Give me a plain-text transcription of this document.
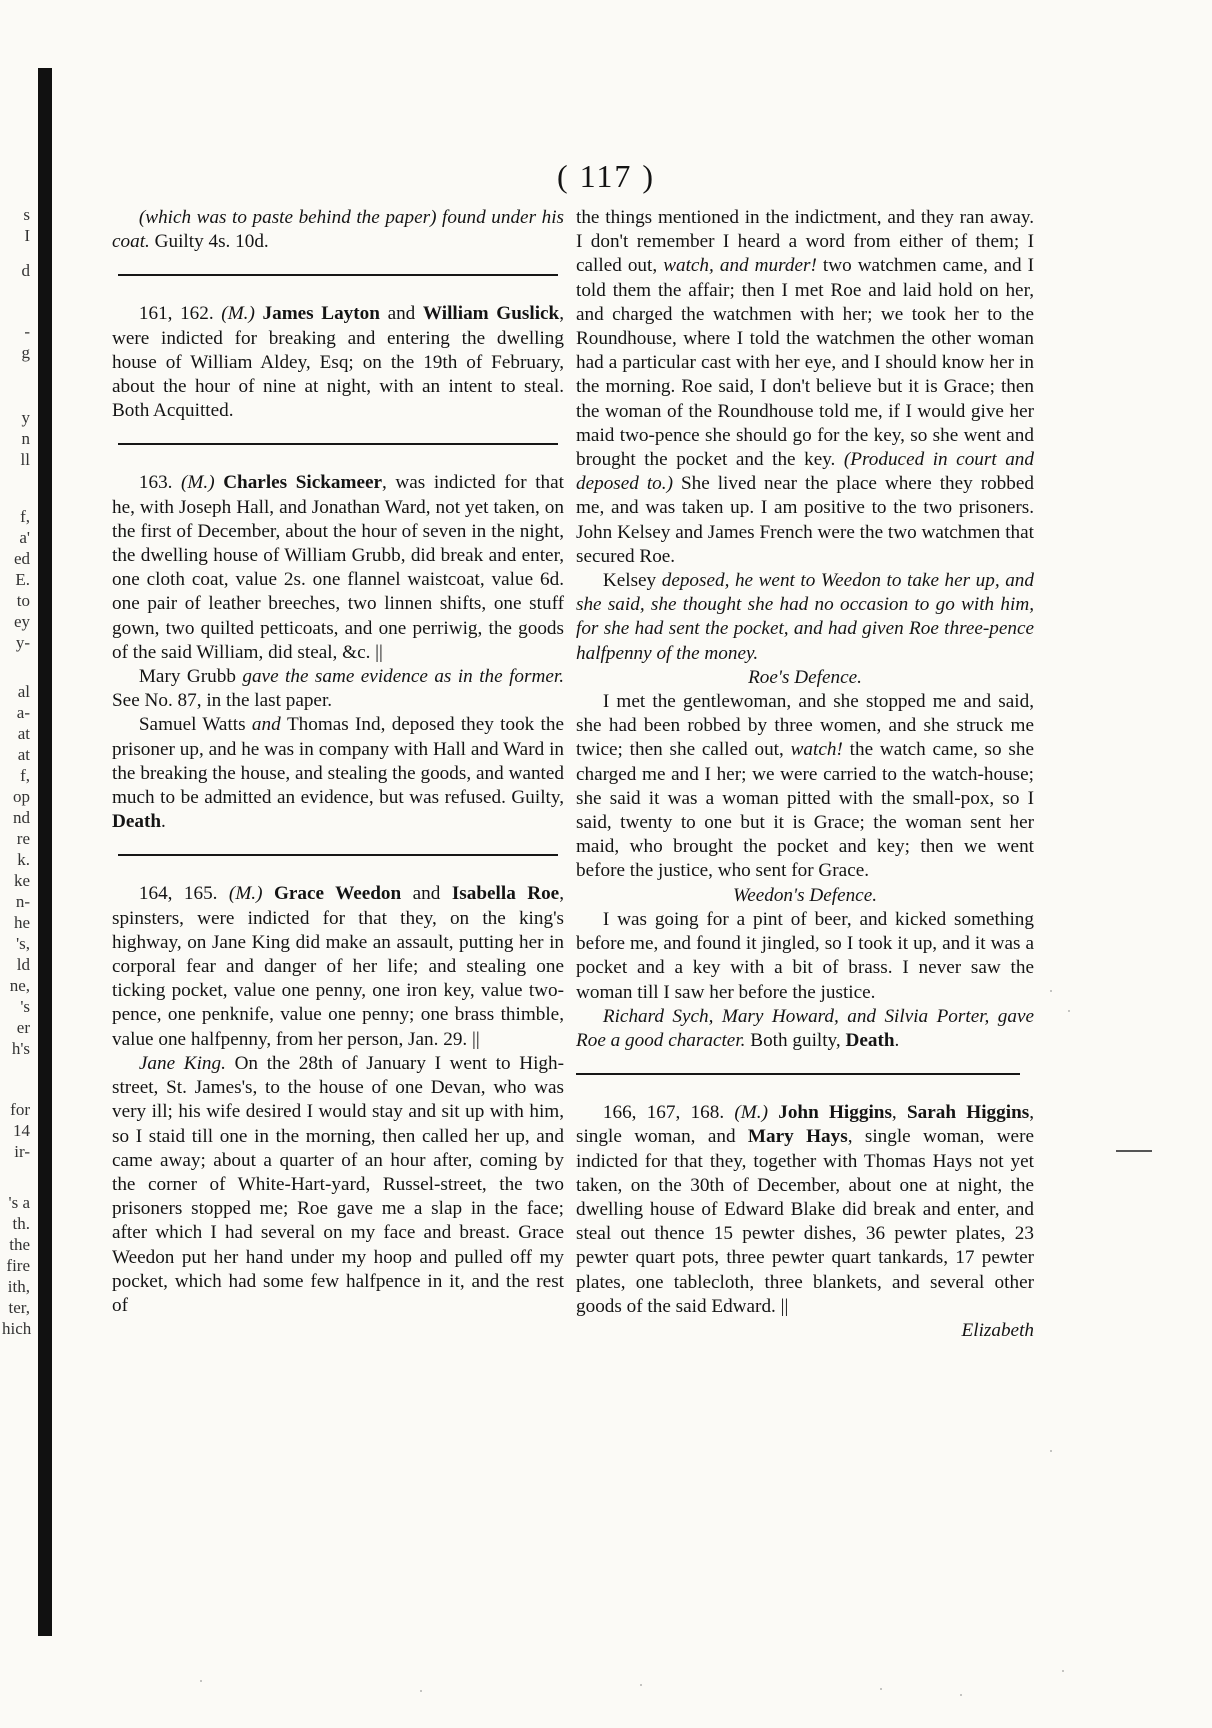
s
I
d
-
g
y
n
ll
f,
a'
ed
E.
to
ey
y-
al
a-
at
at
f,
op
nd
re
k.
ke
n-
he
's,
ld
ne,
's
er
h's
for
14
ir-
's a
th.
the
fire
ith,
ter,
hich
( 117 )

(which was to paste behind the paper) found under his coat. Guilty 4s. 10d.

161, 162. (M.) James Layton and William Guslick, were indicted for breaking and entering the dwelling house of William Aldey, Esq; on the 19th of February, about the hour of nine at night, with an intent to steal. Both Acquitted.

163. (M.) Charles Sickameer, was indicted for that he, with Joseph Hall, and Jonathan Ward, not yet taken, on the first of December, about the hour of seven in the night, the dwelling house of William Grubb, did break and enter, one cloth coat, value 2s. one flannel waistcoat, value 6d. one pair of leather breeches, two linnen shifts, one stuff gown, two quilted petticoats, and one perriwig, the goods of the said William, did steal, &c. ||

Mary Grubb gave the same evidence as in the former. See No. 87, in the last paper.

Samuel Watts and Thomas Ind, deposed they took the prisoner up, and he was in company with Hall and Ward in the breaking the house, and stealing the goods, and wanted much to be admitted an evidence, but was refused. Guilty, Death.

164, 165. (M.) Grace Weedon and Isabella Roe, spinsters, were indicted for that they, on the king's highway, on Jane King did make an assault, putting her in corporal fear and danger of her life; and stealing one ticking pocket, value one penny, one iron key, value two-pence, one penknife, value one penny; one brass thimble, value one halfpenny, from her person, Jan. 29. ||

Jane King. On the 28th of January I went to High-street, St. James's, to the house of one Devan, who was very ill; his wife desired I would stay and sit up with him, so I staid till one in the morning, then called her up, and came away; about a quarter of an hour after, coming by the corner of White-Hart-yard, Russel-street, the two prisoners stopped me; Roe gave me a slap in the face; after which I had several on my face and breast. Grace Weedon put her hand under my hoop and pulled off my pocket, which had some few halfpence in it, and the rest of

the things mentioned in the indictment, and they ran away. I don't remember I heard a word from either of them; I called out, watch, and murder! two watchmen came, and I told them the affair; then I met Roe and laid hold on her, and charged the watchmen with her; we took her to the Roundhouse, where I told the watchmen the other woman had a particular cast with her eye, and I should know her in the morning. Roe said, I don't believe but it is Grace; then the woman of the Roundhouse told me, if I would give her maid two-pence she should go for the key, so she went and brought the pocket and the key. (Produced in court and deposed to.) She lived near the place where they robbed me, and was taken up. I am positive to the two prisoners. John Kelsey and James French were the two watchmen that secured Roe.

Kelsey deposed, he went to Weedon to take her up, and she said, she thought she had no occasion to go with him, for she had sent the pocket, and had given Roe three-pence halfpenny of the money.

Roe's Defence.

I met the gentlewoman, and she stopped me and said, she had been robbed by three women, and she struck me twice; then she called out, watch! the watch came, so she charged me and I her; we were carried to the watch-house; she said it was a woman pitted with the small-pox, so I said, twenty to one but it is Grace; the woman sent her maid, who brought the pocket and key; then we went before the justice, who sent for Grace.

Weedon's Defence.

I was going for a pint of beer, and kicked something before me, and found it jingled, so I took it up, and it was a pocket and a key with a bit of brass. I never saw the woman till I saw her before the justice.

Richard Sych, Mary Howard, and Silvia Porter, gave Roe a good character. Both guilty, Death.

166, 167, 168. (M.) John Higgins, Sarah Higgins, single woman, and Mary Hays, single woman, were indicted for that they, together with Thomas Hays not yet taken, on the 30th of December, about one at night, the dwelling house of Edward Blake did break and enter, and steal out thence 15 pewter dishes, 36 pewter plates, 23 pewter quart pots, three pewter quart tankards, 17 pewter plates, one tablecloth, three blankets, and several other goods of the said Edward. ||

Elizabeth
